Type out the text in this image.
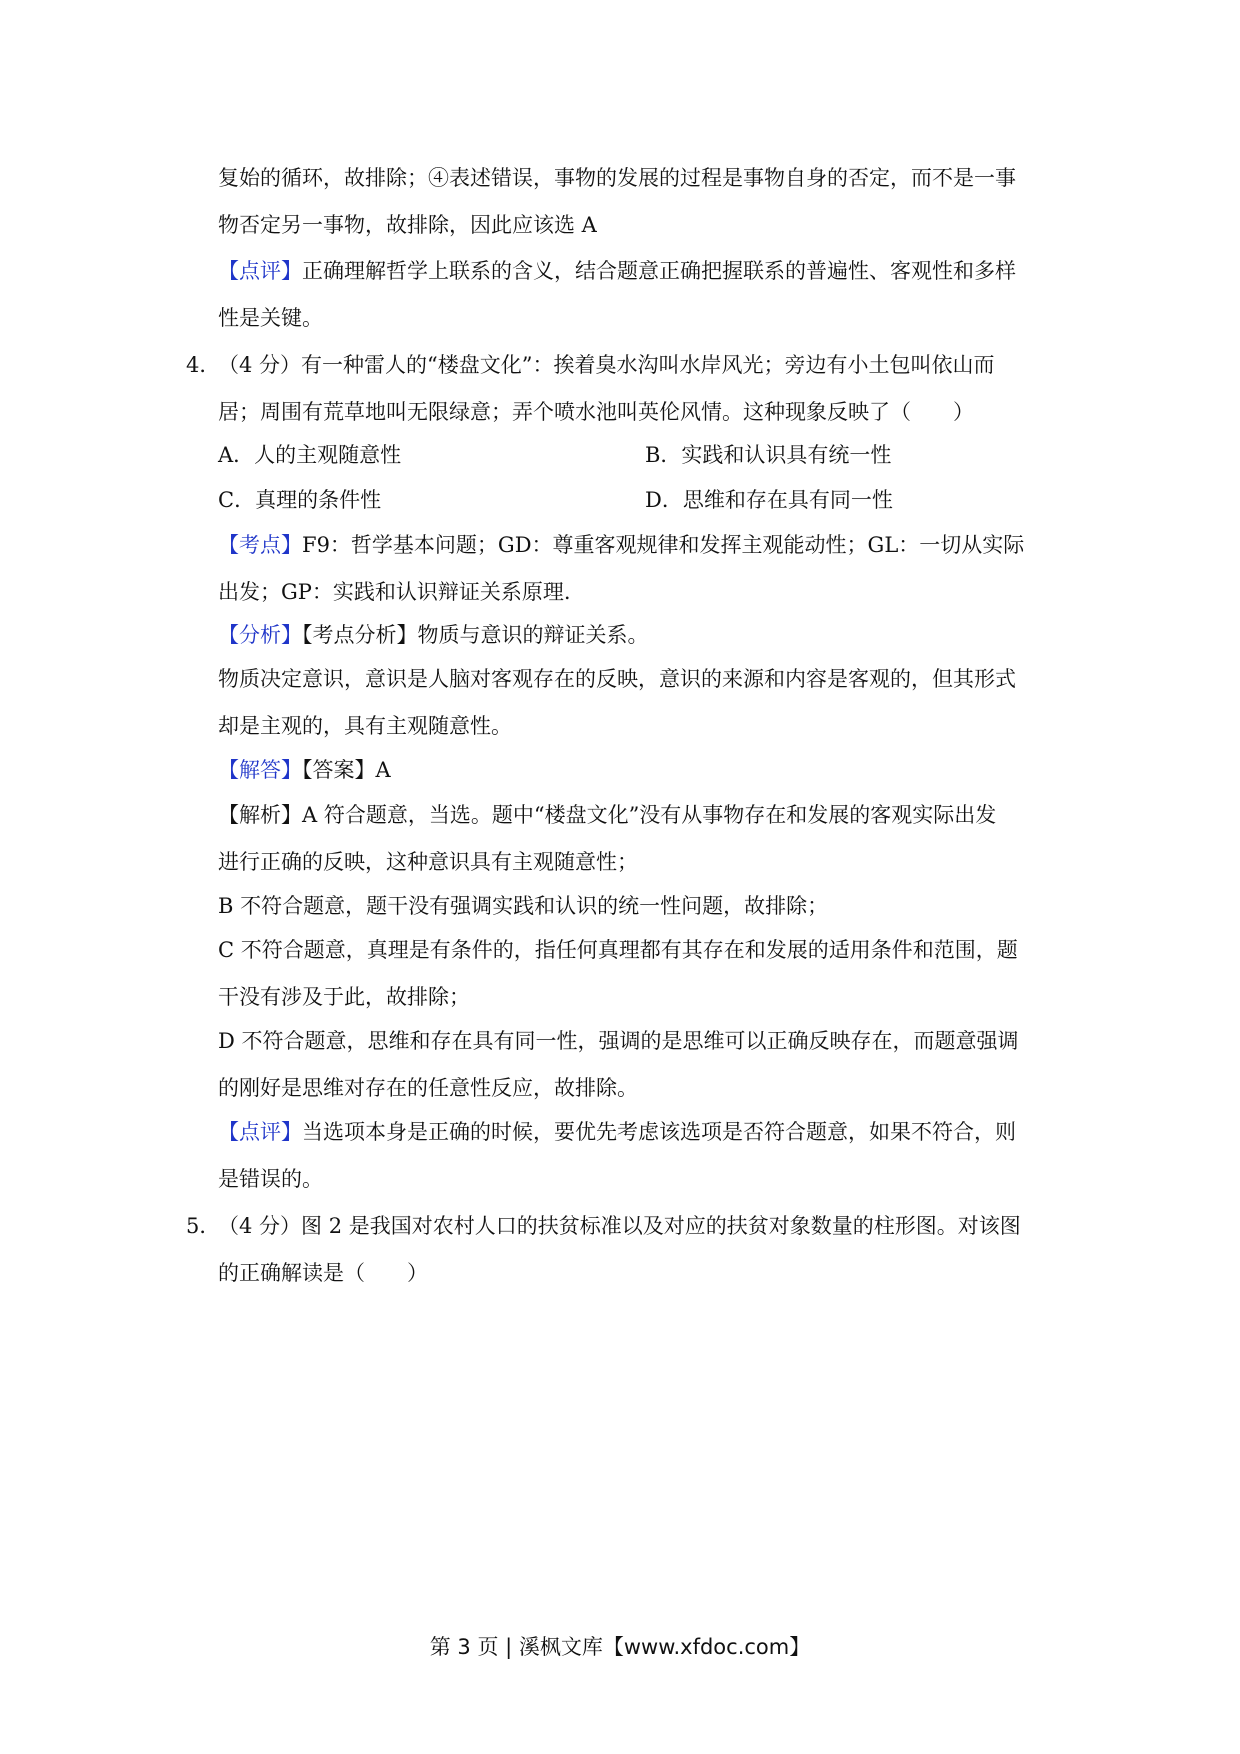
复始的循环，故排除；④表述错误，事物的发展的过程是事物自身的否定，而不是一事
物否定另一事物，故排除，因此应该选 A
【点评】正确理解哲学上联系的含义，结合题意正确把握联系的普遍性、客观性和多样
性是关键。
4．
（4 分）有一种雷人的“楼盘文化”：挨着臭水沟叫水岸风光；旁边有小土包叫依山而
居；周围有荒草地叫无限绿意；弄个喷水池叫英伦风情。这种现象反映了（　　）
A．人的主观随意性	B．实践和认识具有统一性
C．真理的条件性	D．思维和存在具有同一性
【考点】F9：哲学基本问题；GD：尊重客观规律和发挥主观能动性；GL：一切从实际
出发；GP：实践和认识辩证关系原理.
【分析】【考点分析】物质与意识的辩证关系。
物质决定意识，意识是人脑对客观存在的反映，意识的来源和内容是客观的，但其形式
却是主观的，具有主观随意性。
【解答】【答案】A
【解析】A 符合题意，当选。题中“楼盘文化”没有从事物存在和发展的客观实际出发
进行正确的反映，这种意识具有主观随意性；
B 不符合题意，题干没有强调实践和认识的统一性问题，故排除；
C 不符合题意，真理是有条件的，指任何真理都有其存在和发展的适用条件和范围，题
干没有涉及于此，故排除；
D 不符合题意，思维和存在具有同一性，强调的是思维可以正确反映存在，而题意强调
的刚好是思维对存在的任意性反应，故排除。
【点评】当选项本身是正确的时候，要优先考虑该选项是否符合题意，如果不符合，则
是错误的。
5．
（4 分）图 2 是我国对农村人口的扶贫标准以及对应的扶贫对象数量的柱形图。对该图
的正确解读是（　　）
第 3 页 | 溪枫文库【www.xfdoc.com】
